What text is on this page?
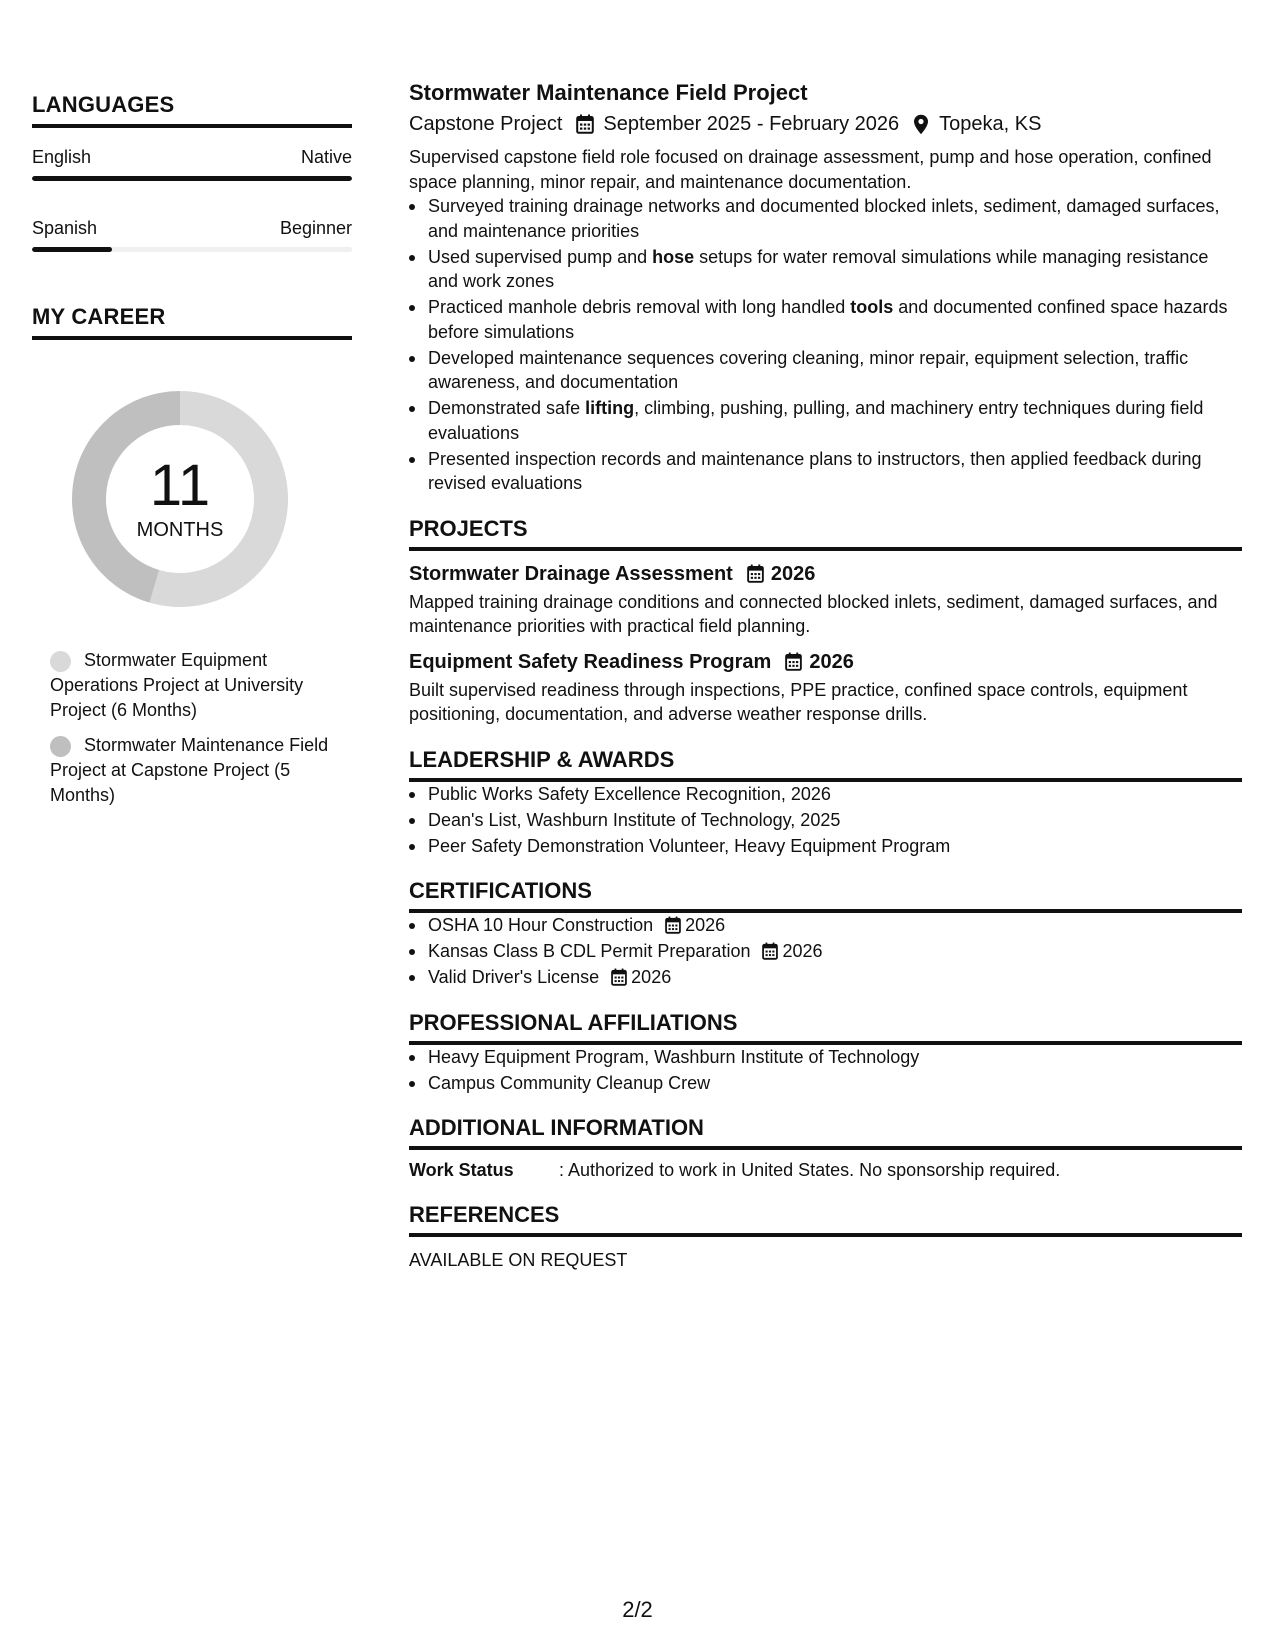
LANGUAGES
English	Native
Spanish	Beginner
MY CAREER
11
MONTHS
Stormwater Equipment Operations Project at University Project (6 Months)
Stormwater Maintenance Field Project at Capstone Project (5 Months)
Stormwater Maintenance Field Project
Capstone Project September 2025 - February 2026 Topeka, KS
Supervised capstone field role focused on drainage assessment, pump and hose operation, confined space planning, minor repair, and maintenance documentation.
Surveyed training drainage networks and documented blocked inlets, sediment, damaged surfaces, and maintenance priorities
Used supervised pump and hose setups for water removal simulations while managing resistance and work zones
Practiced manhole debris removal with long handled tools and documented confined space hazards before simulations
Developed maintenance sequences covering cleaning, minor repair, equipment selection, traffic awareness, and documentation
Demonstrated safe lifting, climbing, pushing, pulling, and machinery entry techniques during field evaluations
Presented inspection records and maintenance plans to instructors, then applied feedback during revised evaluations
PROJECTS
Stormwater Drainage Assessment 2026
Mapped training drainage conditions and connected blocked inlets, sediment, damaged surfaces, and maintenance priorities with practical field planning.
Equipment Safety Readiness Program 2026
Built supervised readiness through inspections, PPE practice, confined space controls, equipment positioning, documentation, and adverse weather response drills.
LEADERSHIP & AWARDS
Public Works Safety Excellence Recognition, 2026
Dean's List, Washburn Institute of Technology, 2025
Peer Safety Demonstration Volunteer, Heavy Equipment Program
CERTIFICATIONS
OSHA 10 Hour Construction 2026
Kansas Class B CDL Permit Preparation 2026
Valid Driver's License 2026
PROFESSIONAL AFFILIATIONS
Heavy Equipment Program, Washburn Institute of Technology
Campus Community Cleanup Crew
ADDITIONAL INFORMATION
Work Status	: Authorized to work in United States. No sponsorship required.
REFERENCES
AVAILABLE ON REQUEST
2/2
